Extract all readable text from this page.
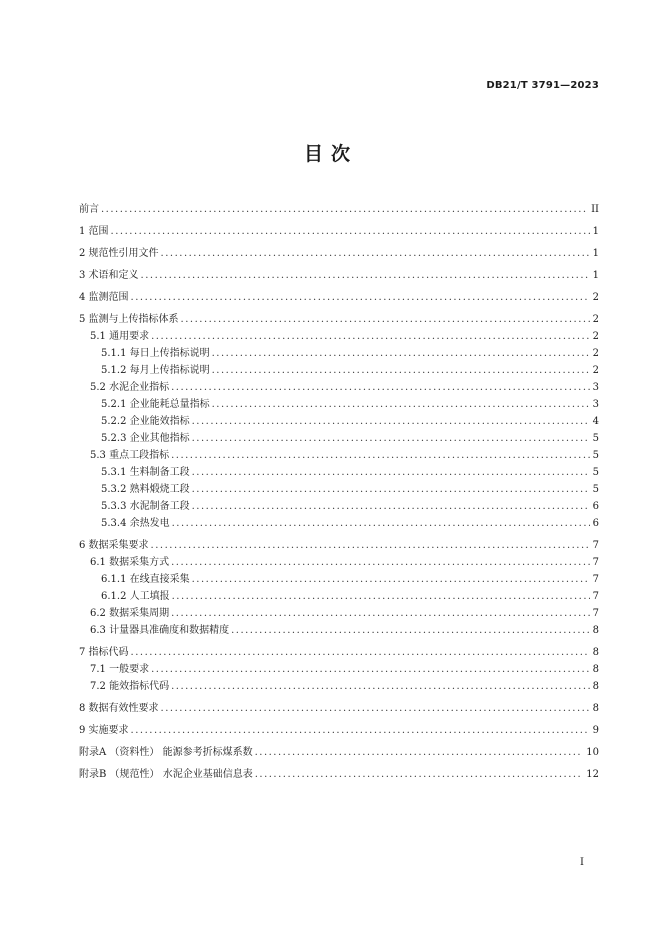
DB21/T 3791—2023
目次
前言 .....	II
1 范围 .....	1
2 规范性引用文件 .....	1
3 术语和定义 .....	1
4 监测范围 .....	2
5 监测与上传指标体系 .....	2
5.1 通用要求 .....	2
5.1.1 每日上传指标说明 .....	2
5.1.2 每月上传指标说明 .....	2
5.2 水泥企业指标 .....	3
5.2.1 企业能耗总量指标 .....	3
5.2.2 企业能效指标 .....	4
5.2.3 企业其他指标 .....	5
5.3 重点工段指标 .....	5
5.3.1 生料制备工段 .....	5
5.3.2 熟料煅烧工段 .....	5
5.3.3 水泥制备工段 .....	6
5.3.4 余热发电 .....	6
6 数据采集要求 .....	7
6.1 数据采集方式 .....	7
6.1.1 在线直接采集 .....	7
6.1.2 人工填报 .....	7
6.2 数据采集周期 .....	7
6.3 计量器具准确度和数据精度 .....	8
7 指标代码 .....	8
7.1 一般要求 .....	8
7.2 能效指标代码 .....	8
8 数据有效性要求 .....	8
9 实施要求 .....	9
附录A （资料性） 能源参考折标煤系数 .....	10
附录B （规范性） 水泥企业基础信息表 .....	12
I
